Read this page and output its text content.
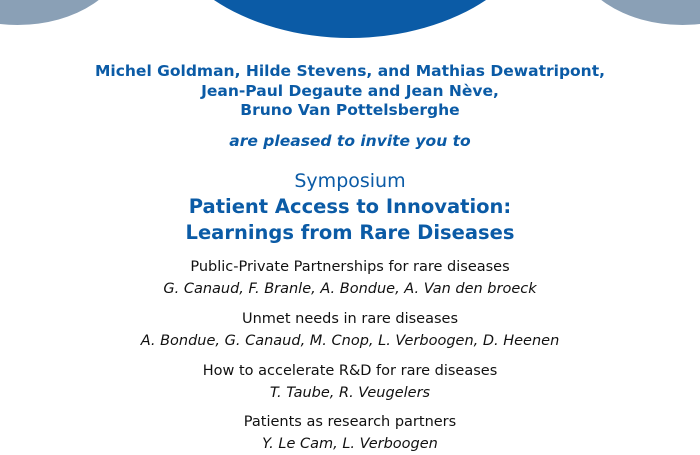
Michel Goldman, Hilde Stevens, and Mathias Dewatripont,
Jean-Paul Degaute and Jean Nève,
Bruno Van Pottelsberghe
are pleased to invite you to
Symposium
Patient Access to Innovation:
Learnings from Rare Diseases
Public-Private Partnerships for rare diseases
G. Canaud, F. Branle, A. Bondue, A. Van den broeck
Unmet needs in rare diseases
A. Bondue, G. Canaud, M. Cnop, L. Verboogen, D. Heenen
How to accelerate R&D for rare diseases
T. Taube, R. Veugelers
Patients as research partners
Y. Le Cam, L. Verboogen
